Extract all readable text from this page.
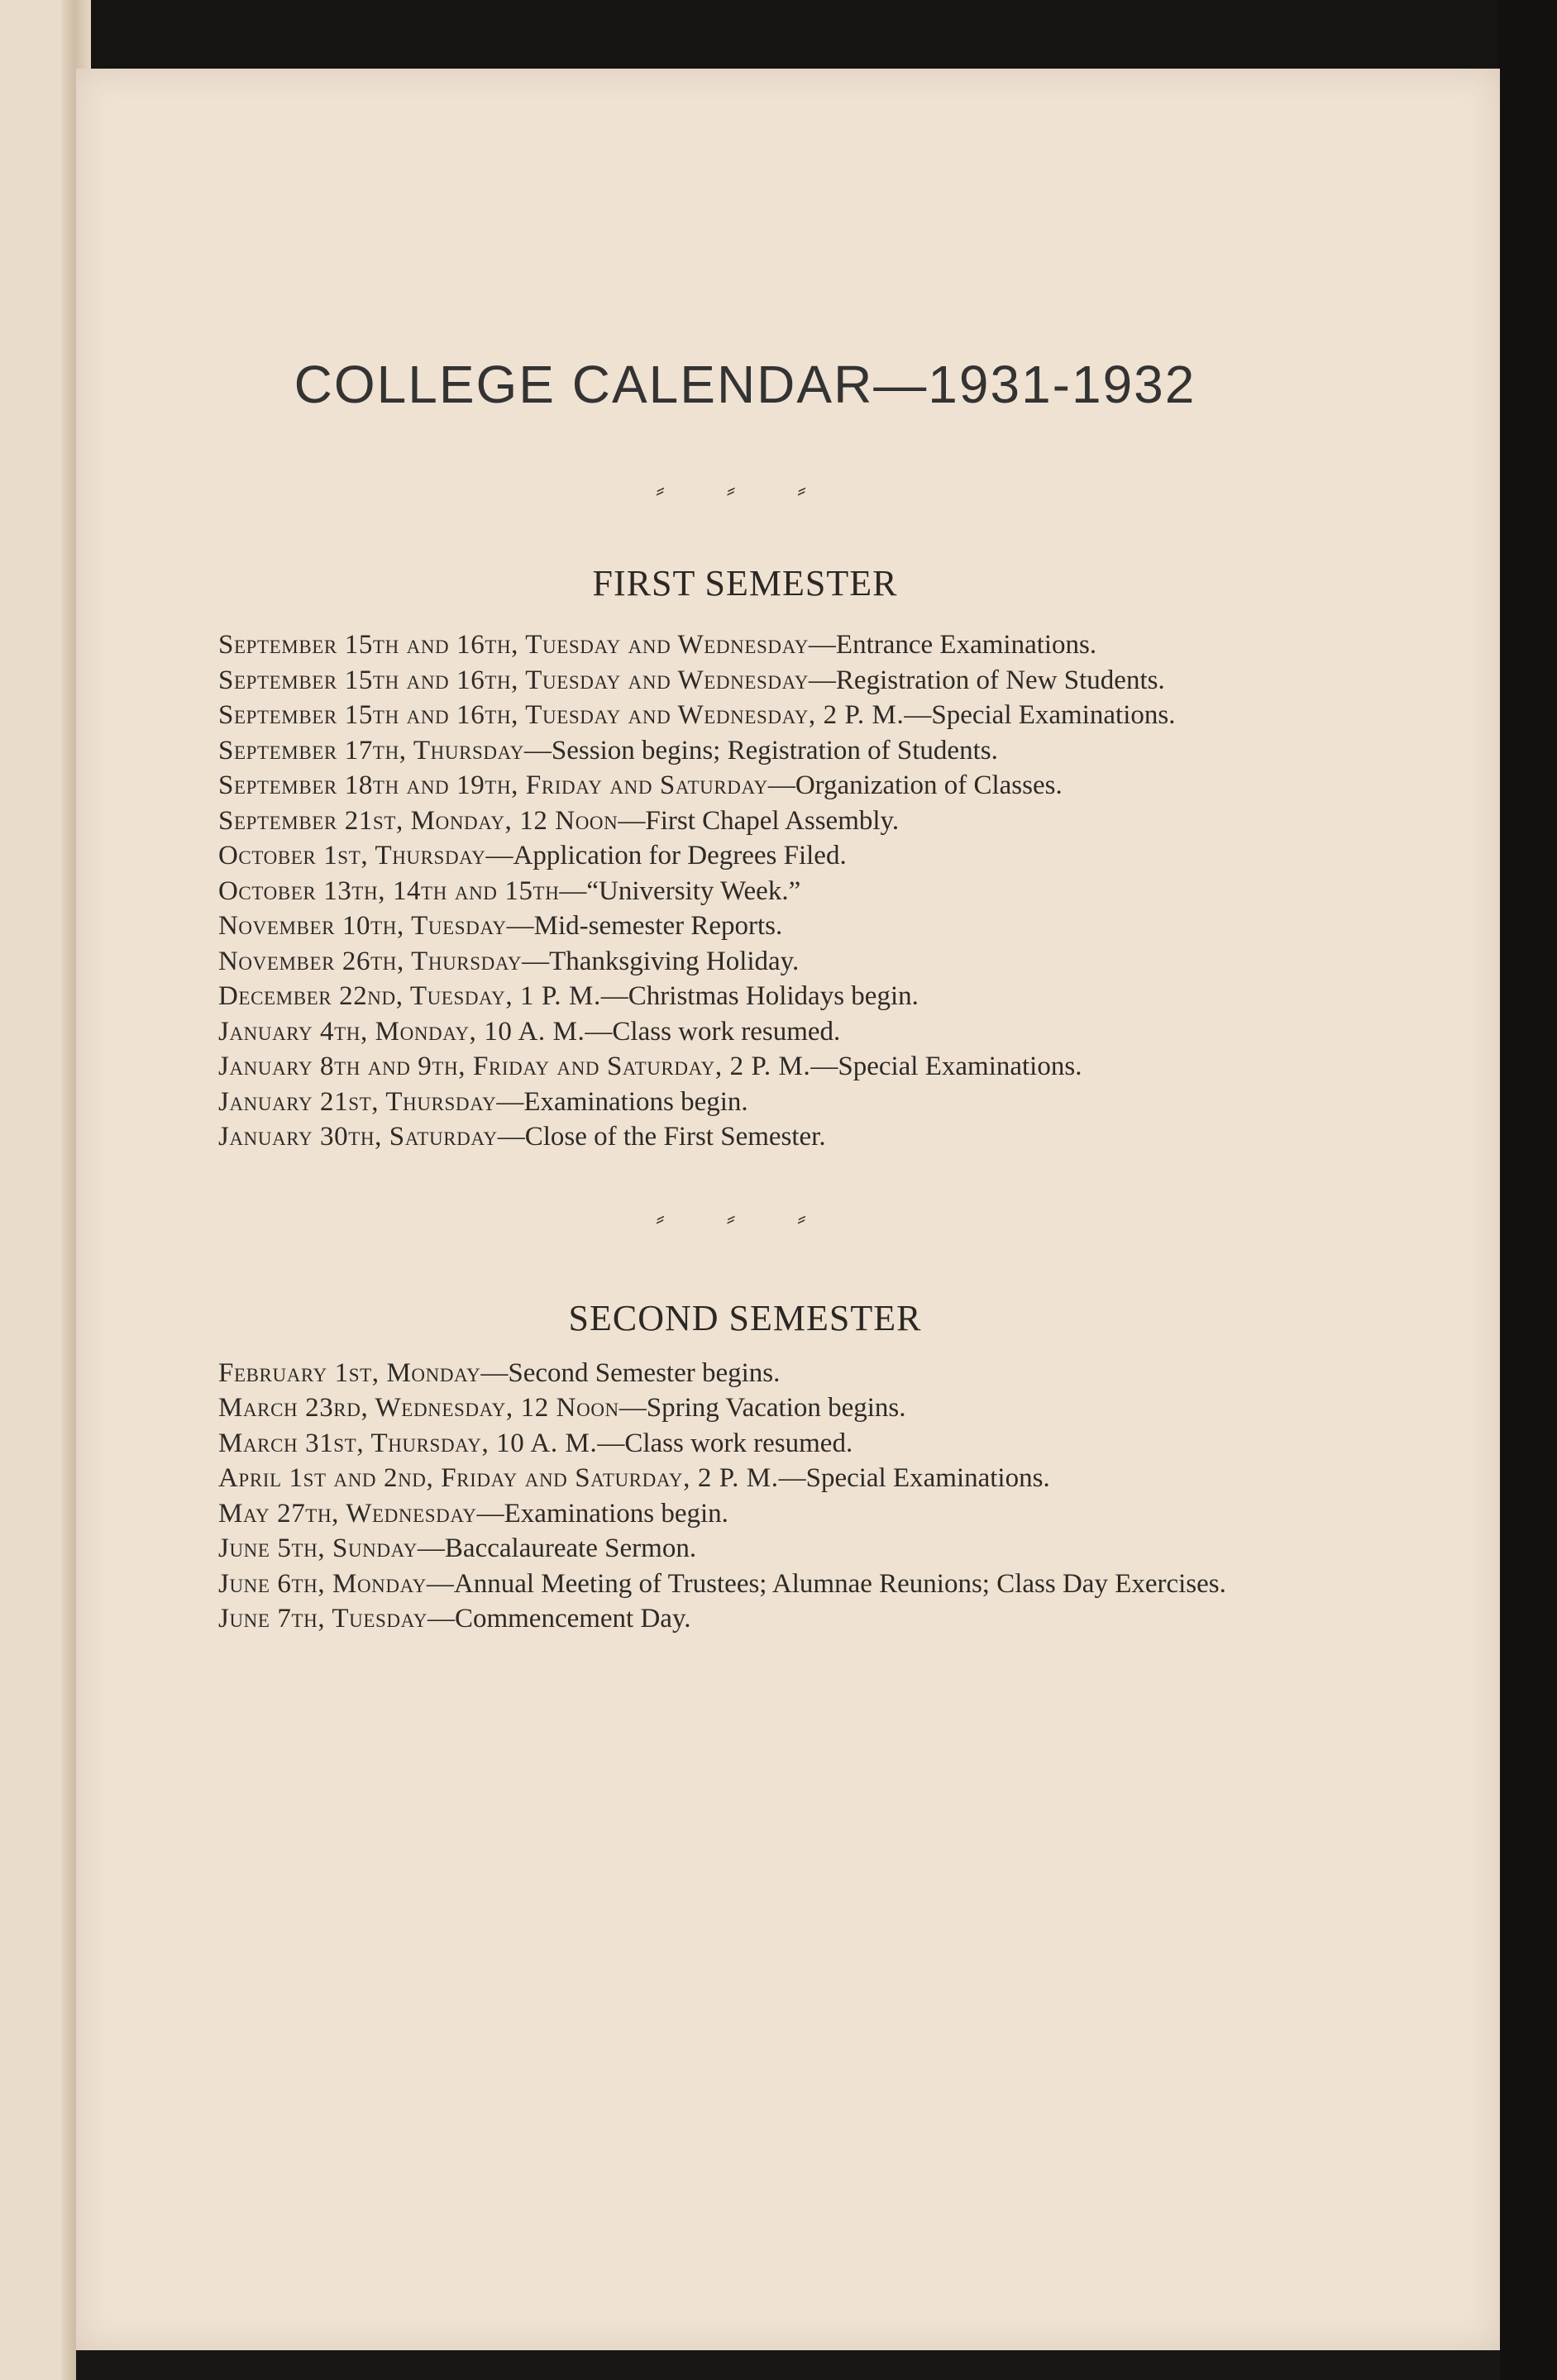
COLLEGE CALENDAR—1931-1932

⸗ ⸗ ⸗

FIRST SEMESTER
September 15th and 16th, Tuesday and Wednesday—Entrance Examinations.
September 15th and 16th, Tuesday and Wednesday—Registration of New Students.
September 15th and 16th, Tuesday and Wednesday, 2 P. M.—Special Examinations.
September 17th, Thursday—Session begins; Registration of Students.
September 18th and 19th, Friday and Saturday—Organization of Classes.
September 21st, Monday, 12 Noon—First Chapel Assembly.
October 1st, Thursday—Application for Degrees Filed.
October 13th, 14th and 15th—“University Week.”
November 10th, Tuesday—Mid-semester Reports.
November 26th, Thursday—Thanksgiving Holiday.
December 22nd, Tuesday, 1 P. M.—Christmas Holidays begin.
January 4th, Monday, 10 A. M.—Class work resumed.
January 8th and 9th, Friday and Saturday, 2 P. M.—Special Examinations.
January 21st, Thursday—Examinations begin.
January 30th, Saturday—Close of the First Semester.

⸗ ⸗ ⸗

SECOND SEMESTER
February 1st, Monday—Second Semester begins.
March 23rd, Wednesday, 12 Noon—Spring Vacation begins.
March 31st, Thursday, 10 A. M.—Class work resumed.
April 1st and 2nd, Friday and Saturday, 2 P. M.—Special Examinations.
May 27th, Wednesday—Examinations begin.
June 5th, Sunday—Baccalaureate Sermon.
June 6th, Monday—Annual Meeting of Trustees; Alumnae Reunions; Class Day Exercises.
June 7th, Tuesday—Commencement Day.
